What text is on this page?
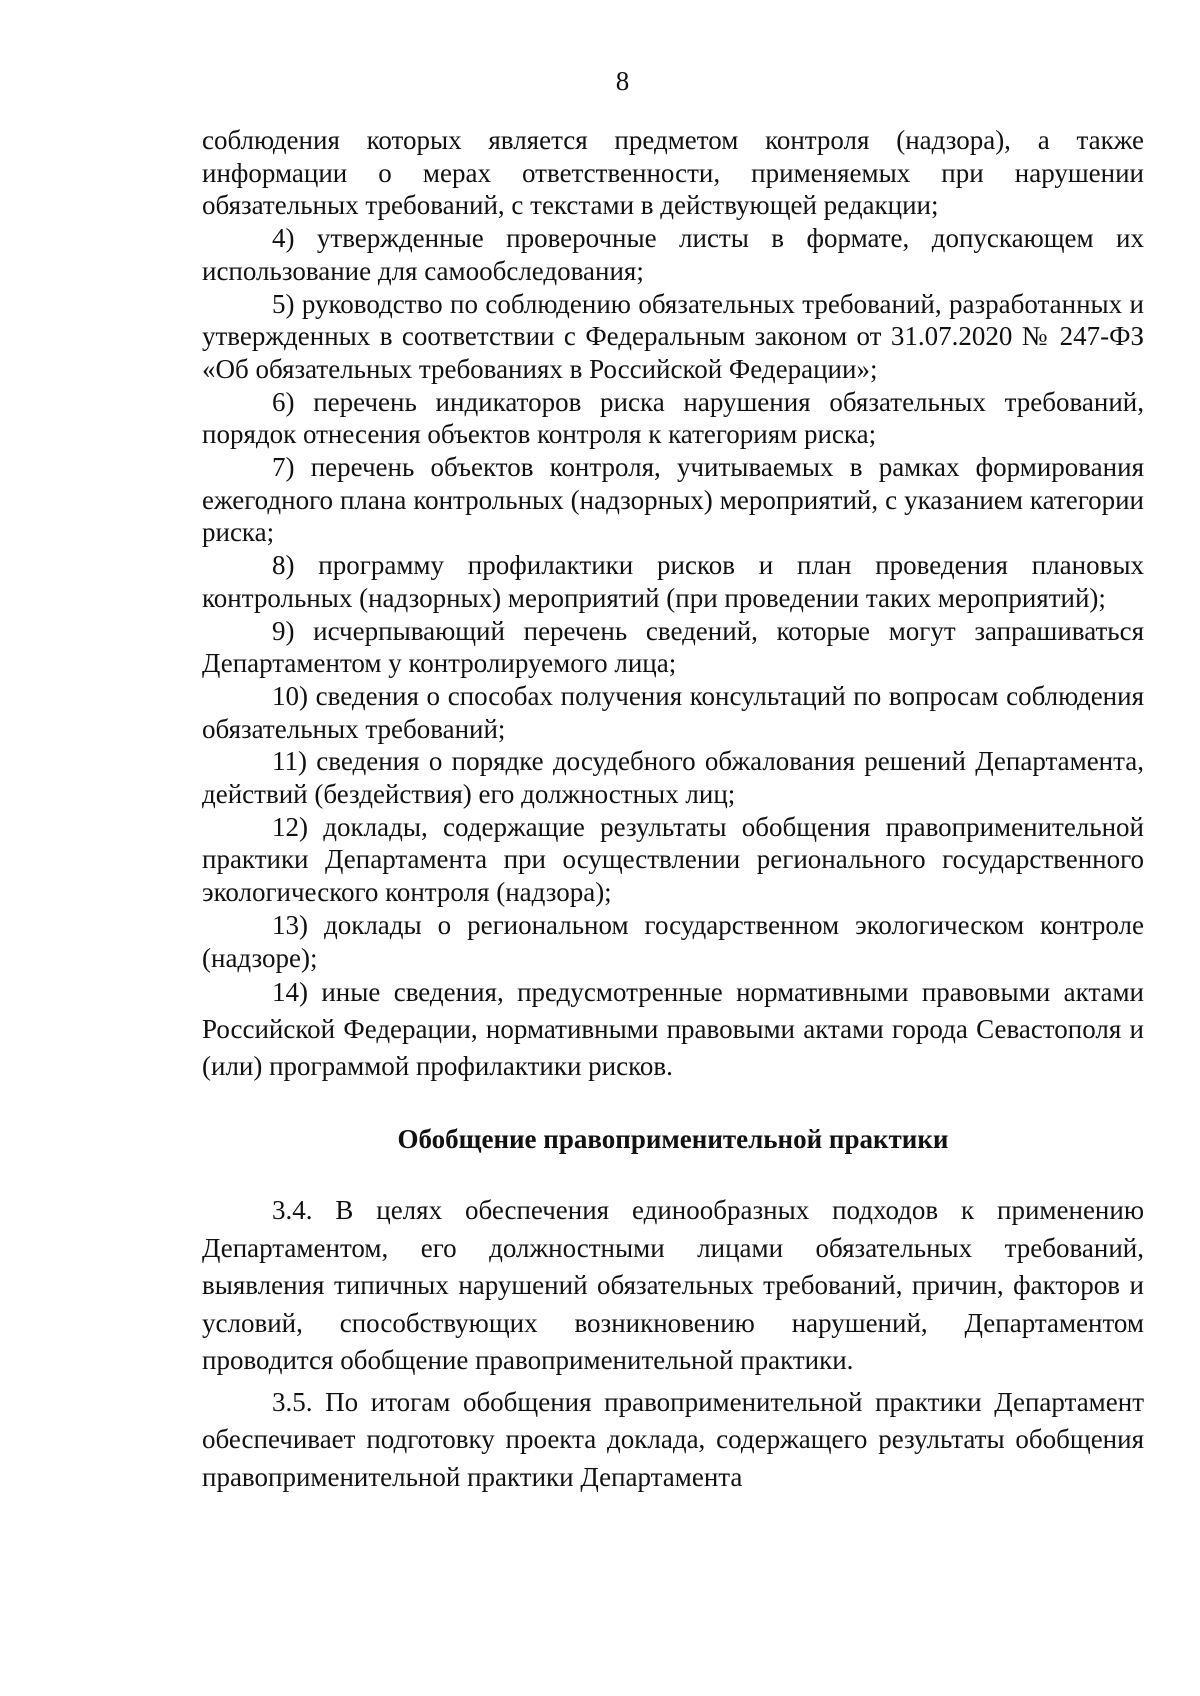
8

соблюдения которых является предметом контроля (надзора), а также информации о мерах ответственности, применяемых при нарушении обязательных требований, с текстами в действующей редакции;

4) утвержденные проверочные листы в формате, допускающем их использование для самообследования;

5) руководство по соблюдению обязательных требований, разработанных и утвержденных в соответствии с Федеральным законом от 31.07.2020 № 247-ФЗ «Об обязательных требованиях в Российской Федерации»;

6) перечень индикаторов риска нарушения обязательных требований, порядок отнесения объектов контроля к категориям риска;

7) перечень объектов контроля, учитываемых в рамках формирования ежегодного плана контрольных (надзорных) мероприятий, с указанием категории риска;

8) программу профилактики рисков и план проведения плановых контрольных (надзорных) мероприятий (при проведении таких мероприятий);

9) исчерпывающий перечень сведений, которые могут запрашиваться Департаментом у контролируемого лица;

10) сведения о способах получения консультаций по вопросам соблюдения обязательных требований;

11) сведения о порядке досудебного обжалования решений Департамента, действий (бездействия) его должностных лиц;

12) доклады, содержащие результаты обобщения правоприменительной практики Департамента при осуществлении регионального государственного экологического контроля (надзора);

13) доклады о региональном государственном экологическом контроле (надзоре);

14) иные сведения, предусмотренные нормативными правовыми актами Российской Федерации, нормативными правовыми актами города Севастополя и (или) программой профилактики рисков.

Обобщение правоприменительной практики

3.4. В целях обеспечения единообразных подходов к применению Департаментом, его должностными лицами обязательных требований, выявления типичных нарушений обязательных требований, причин, факторов и условий, способствующих возникновению нарушений, Департаментом проводится обобщение правоприменительной практики.

3.5. По итогам обобщения правоприменительной практики Департамент обеспечивает подготовку проекта доклада, содержащего результаты обобщения правоприменительной практики Департамента
